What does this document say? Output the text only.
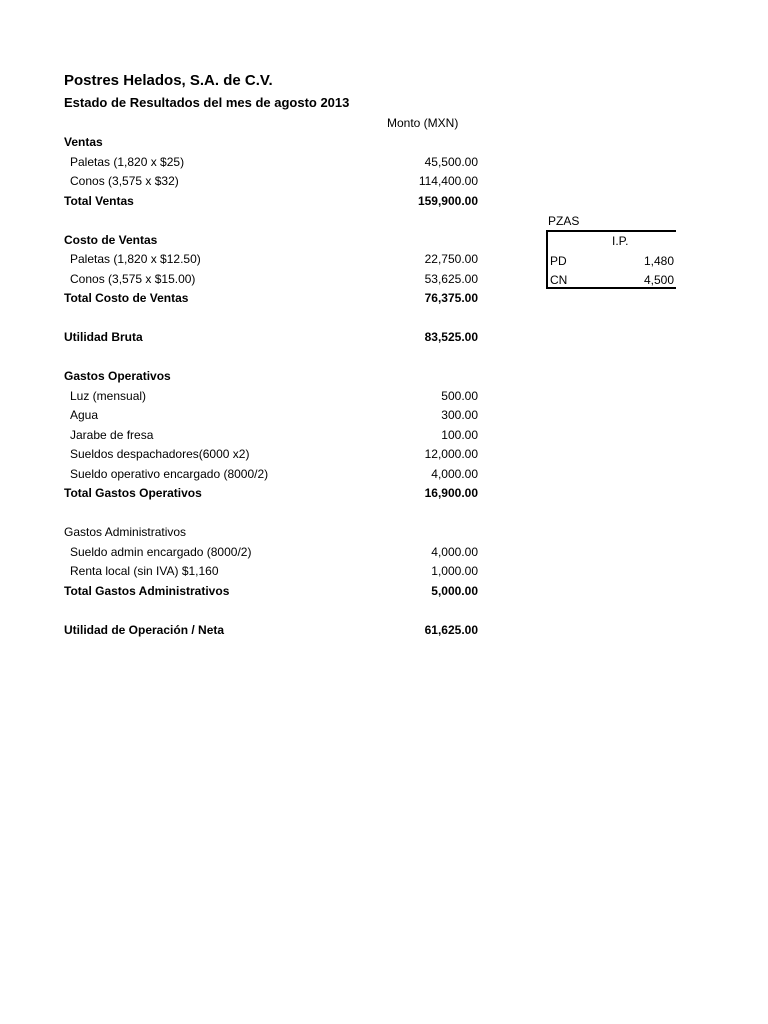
Postres Helados, S.A. de C.V.
Estado de Resultados del mes de agosto 2013
Monto (MXN)
Ventas
Paletas (1,820 x $25)	45,500.00
Conos (3,575 x $32)	114,400.00
Total Ventas	159,900.00
Costo de Ventas
Paletas (1,820 x $12.50)	22,750.00
Conos (3,575 x $15.00)	53,625.00
Total Costo de Ventas	76,375.00
Utilidad Bruta	83,525.00
Gastos Operativos
Luz (mensual)	500.00
Agua	300.00
Jarabe de fresa	100.00
Sueldos despachadores(6000 x2)	12,000.00
Sueldo operativo encargado (8000/2)	4,000.00
Total Gastos Operativos	16,900.00
Gastos Administrativos
Sueldo admin encargado (8000/2)	4,000.00
Renta local (sin IVA) $1,160	1,000.00
Total Gastos Administrativos	5,000.00
Utilidad de Operación / Neta	61,625.00
PZAS
I.P.
PD	1,480
CN	4,500
